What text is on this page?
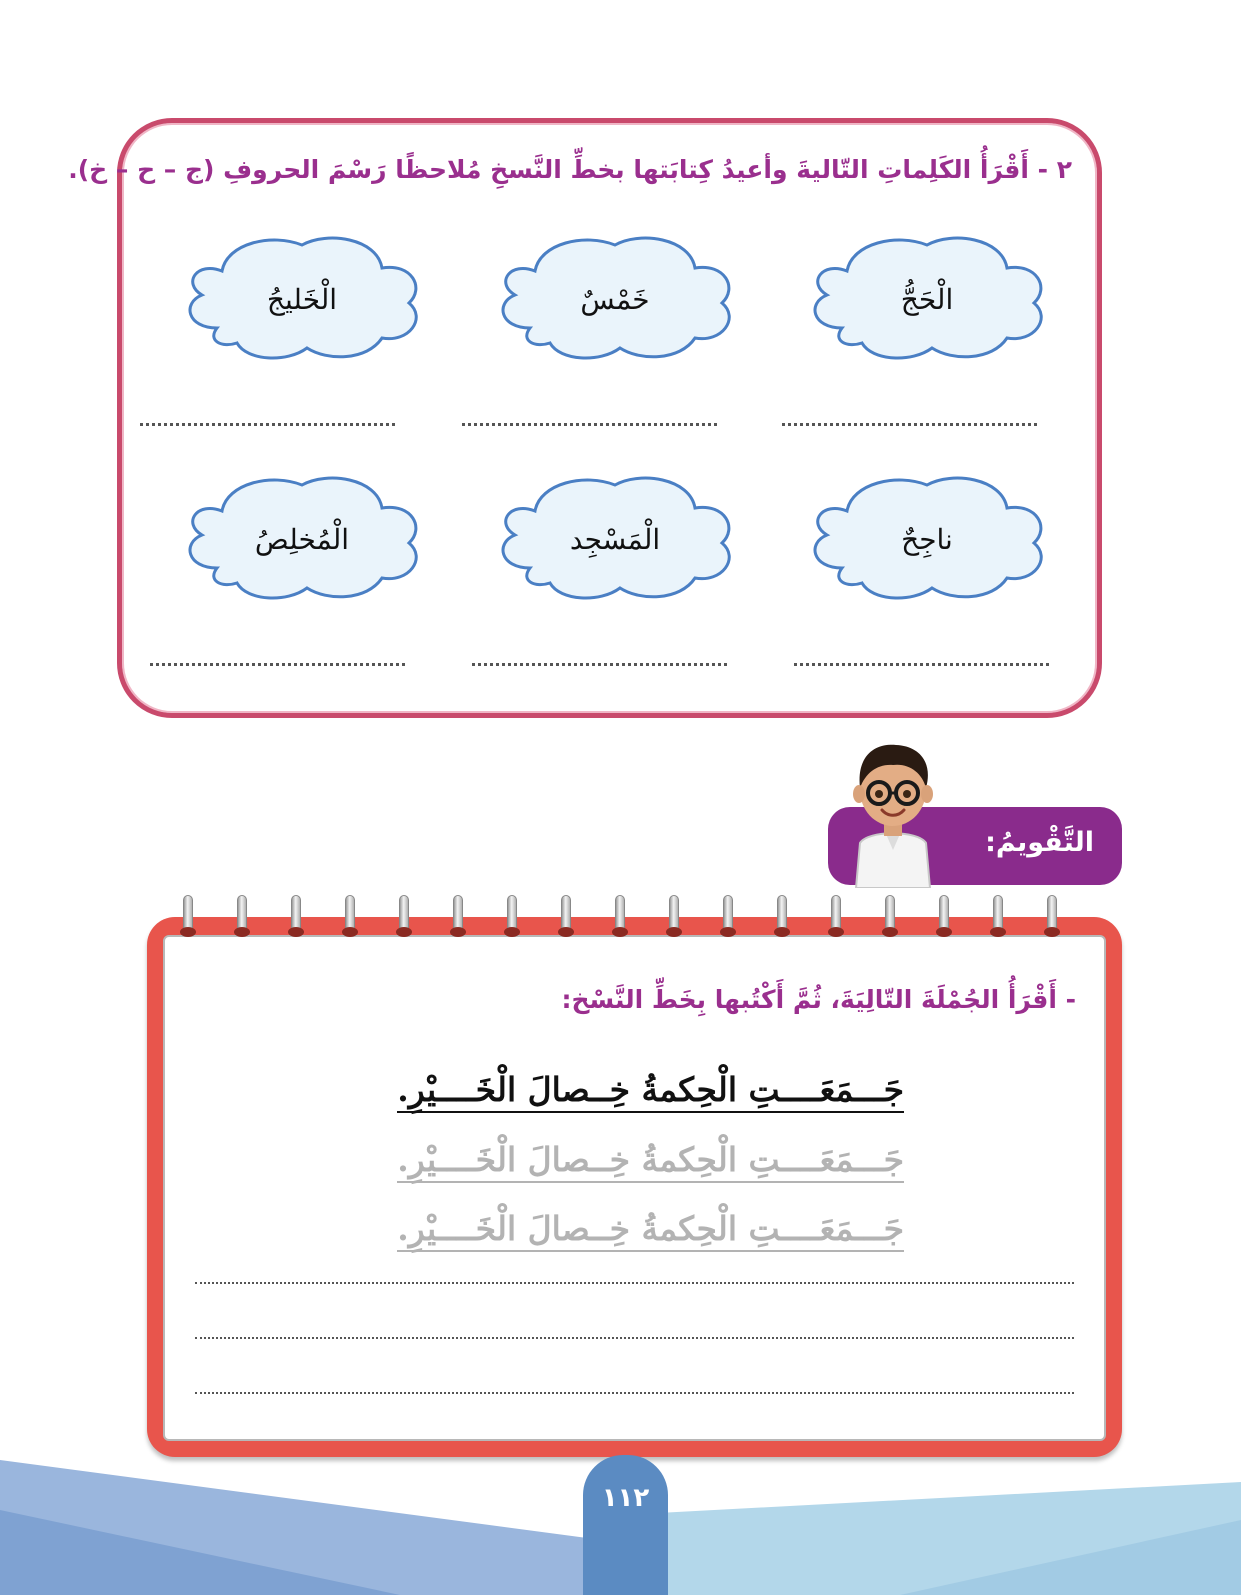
٢ - أَقْرَأُ الكَلِماتِ التّاليةَ وأعيدُ كِتابَتها بخطِّ النَّسخِ مُلاحظًا رَسْمَ الحروفِ (ج – ح – خ).
الْحَجُّ
خَمْسٌ
الْخَليجُ
ناجِحٌ
الْمَسْجِد
الْمُخلِصُ
التَّقْويمُ:
- أَقْرَأُ الجُمْلَةَ التّالِيَةَ، ثُمَّ أَكْتُبها بِخَطِّ النَّسْخ:
جَـــمَعَــــتِ الْحِكمةُ خِــصالَ الْخَــــيْرِ.
جَـــمَعَــــتِ الْحِكمةُ خِــصالَ الْخَــــيْرِ.
جَـــمَعَــــتِ الْحِكمةُ خِــصالَ الْخَــــيْرِ.
١١٢
